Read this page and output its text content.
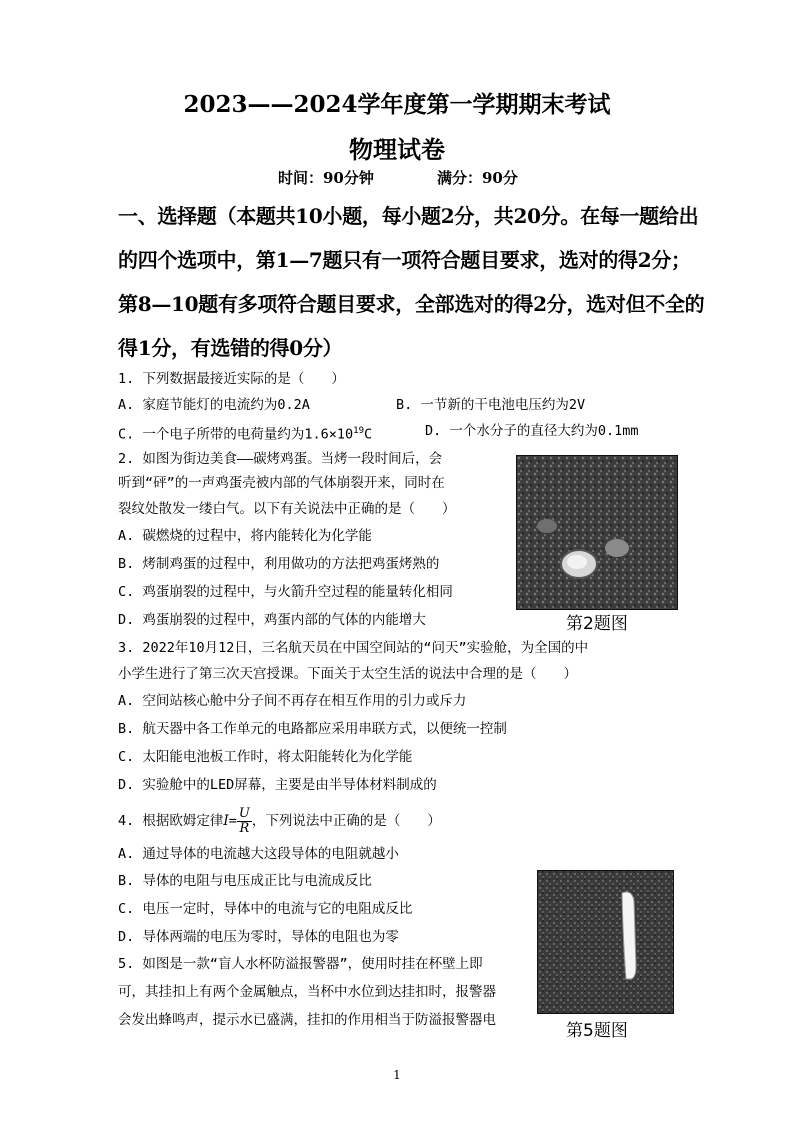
2023——2024学年度第一学期期末考试
物理试卷
时间：90分钟	满分：90分
一、选择题（本题共10小题，每小题2分，共20分。在每一题给出
的四个选项中，第1—7题只有一项符合题目要求，选对的得2分；
第8—10题有多项符合题目要求，全部选对的得2分，选对但不全的
得1分，有选错的得0分）
1. 下列数据最接近实际的是（　　）
A. 家庭节能灯的电流约为0.2A	B. 一节新的干电池电压约为2V
C. 一个电子所带的电荷量约为$1.6\times 10^{19}C$	D. 一个水分子的直径大约为0.1mm
2. 如图为街边美食——碳烤鸡蛋。当烤一段时间后，会
听到“砰”的一声鸡蛋壳被内部的气体崩裂开来，同时在
裂纹处散发一缕白气。以下有关说法中正确的是（　　）
A. 碳燃烧的过程中，将内能转化为化学能
B. 烤制鸡蛋的过程中，利用做功的方法把鸡蛋烤熟的
C. 鸡蛋崩裂的过程中，与火箭升空过程的能量转化相同
D. 鸡蛋崩裂的过程中，鸡蛋内部的气体的内能增大	第2题图
3. 2022年10月12日，三名航天员在中国空间站的“问天”实验舱，为全国的中
小学生进行了第三次天宫授课。下面关于太空生活的说法中合理的是（　　）
A. 空间站核心舱中分子间不再存在相互作用的引力或斥力
B. 航天器中各工作单元的电路都应采用串联方式，以便统一控制
C. 太阳能电池板工作时，将太阳能转化为化学能
D. 实验舱中的LED屏幕，主要是由半导体材料制成的
4. 根据欧姆定律$I= \frac{U}{R}$ ，下列说法中正确的是（　　）
A. 通过导体的电流越大这段导体的电阻就越小
B. 导体的电阻与电压成正比与电流成反比
C. 电压一定时，导体中的电流与它的电阻成反比
D. 导体两端的电压为零时，导体的电阻也为零
5. 如图是一款“盲人水杯防溢报警器”，使用时挂在杯壁上即
可，其挂扣上有两个金属触点，当杯中水位到达挂扣时，报警器
会发出蜂鸣声，提示水已盛满，挂扣的作用相当于防溢报警器电
第5题图
1
